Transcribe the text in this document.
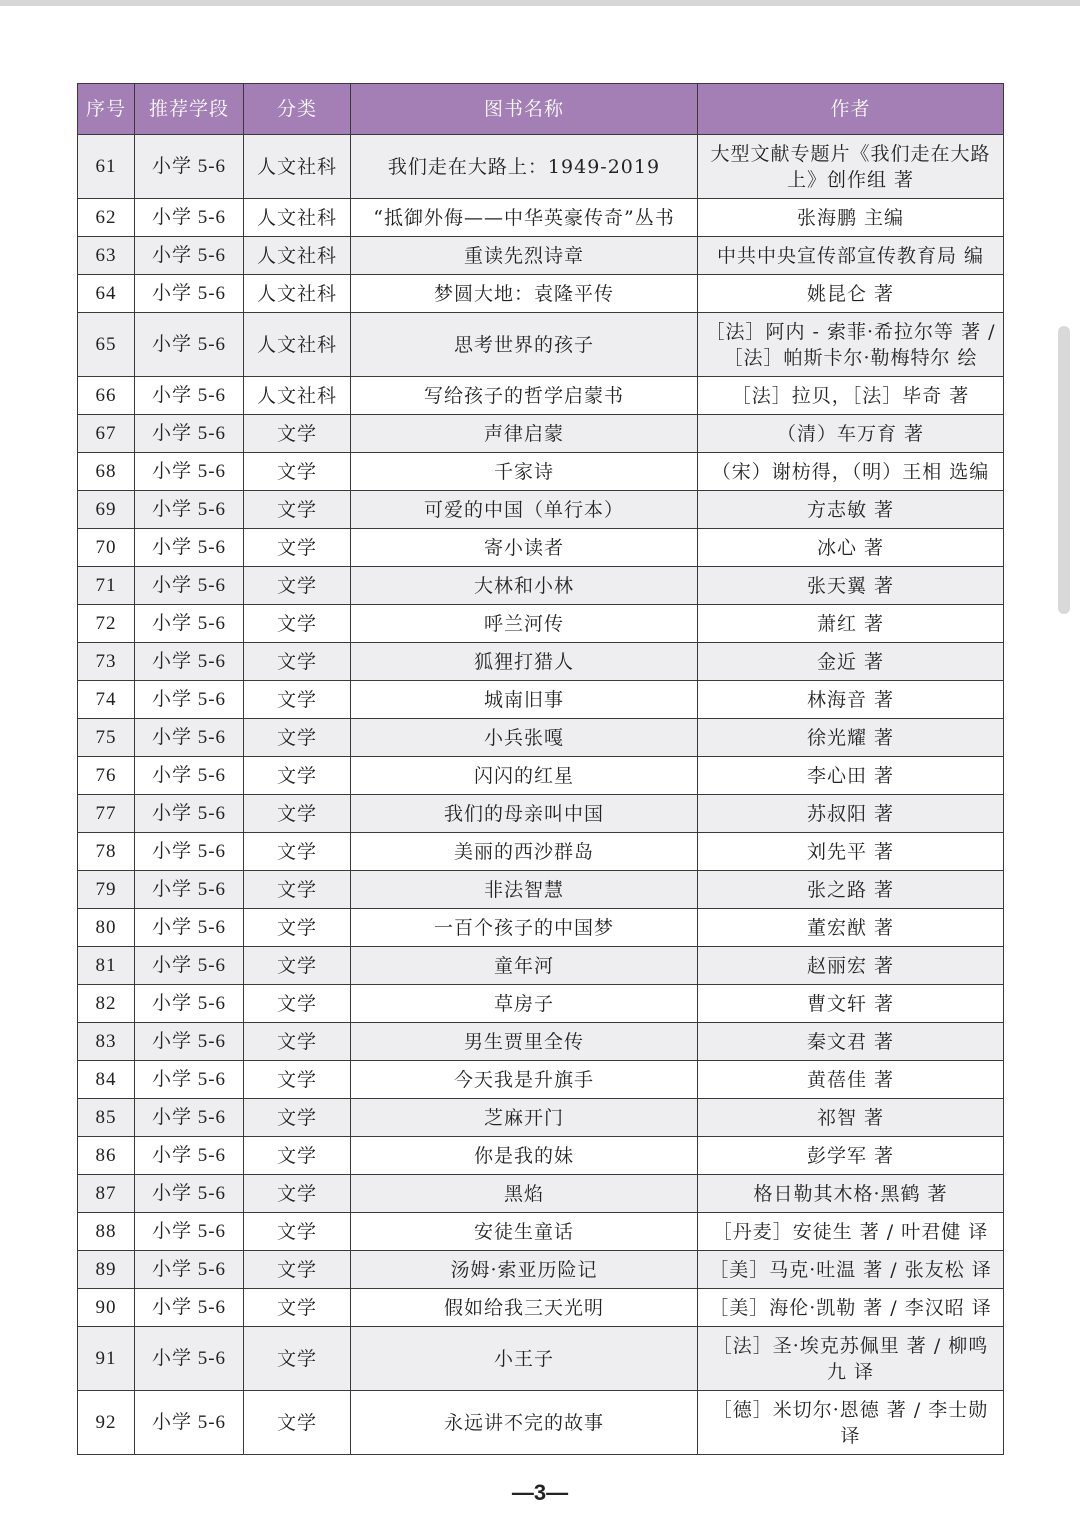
序号	推荐学段	分类	图书名称	作者
61	小学 5-6	人文社科	我们走在大路上：1949-2019	大型文献专题片《我们走在大路上》创作组 著
62	小学 5-6	人文社科	“抵御外侮——中华英豪传奇”丛书	张海鹏 主编
63	小学 5-6	人文社科	重读先烈诗章	中共中央宣传部宣传教育局 编
64	小学 5-6	人文社科	梦圆大地：袁隆平传	姚昆仑 著
65	小学 5-6	人文社科	思考世界的孩子	［法］阿内 - 索菲·希拉尔等 著 / ［法］帕斯卡尔·勒梅特尔 绘
66	小学 5-6	人文社科	写给孩子的哲学启蒙书	［法］拉贝，［法］毕奇 著
67	小学 5-6	文学	声律启蒙	（清）车万育 著
68	小学 5-6	文学	千家诗	（宋）谢枋得，（明）王相 选编
69	小学 5-6	文学	可爱的中国（单行本）	方志敏 著
70	小学 5-6	文学	寄小读者	冰心 著
71	小学 5-6	文学	大林和小林	张天翼 著
72	小学 5-6	文学	呼兰河传	萧红 著
73	小学 5-6	文学	狐狸打猎人	金近 著
74	小学 5-6	文学	城南旧事	林海音 著
75	小学 5-6	文学	小兵张嘎	徐光耀 著
76	小学 5-6	文学	闪闪的红星	李心田 著
77	小学 5-6	文学	我们的母亲叫中国	苏叔阳 著
78	小学 5-6	文学	美丽的西沙群岛	刘先平 著
79	小学 5-6	文学	非法智慧	张之路 著
80	小学 5-6	文学	一百个孩子的中国梦	董宏猷 著
81	小学 5-6	文学	童年河	赵丽宏 著
82	小学 5-6	文学	草房子	曹文轩 著
83	小学 5-6	文学	男生贾里全传	秦文君 著
84	小学 5-6	文学	今天我是升旗手	黄蓓佳 著
85	小学 5-6	文学	芝麻开门	祁智 著
86	小学 5-6	文学	你是我的妹	彭学军 著
87	小学 5-6	文学	黑焰	格日勒其木格·黑鹤 著
88	小学 5-6	文学	安徒生童话	［丹麦］安徒生 著 / 叶君健 译
89	小学 5-6	文学	汤姆·索亚历险记	［美］马克·吐温 著 / 张友松 译
90	小学 5-6	文学	假如给我三天光明	［美］海伦·凯勒 著 / 李汉昭 译
91	小学 5-6	文学	小王子	［法］圣·埃克苏佩里 著 / 柳鸣九 译
92	小学 5-6	文学	永远讲不完的故事	［德］米切尔·恩德 著 / 李士勋 译
—3—
